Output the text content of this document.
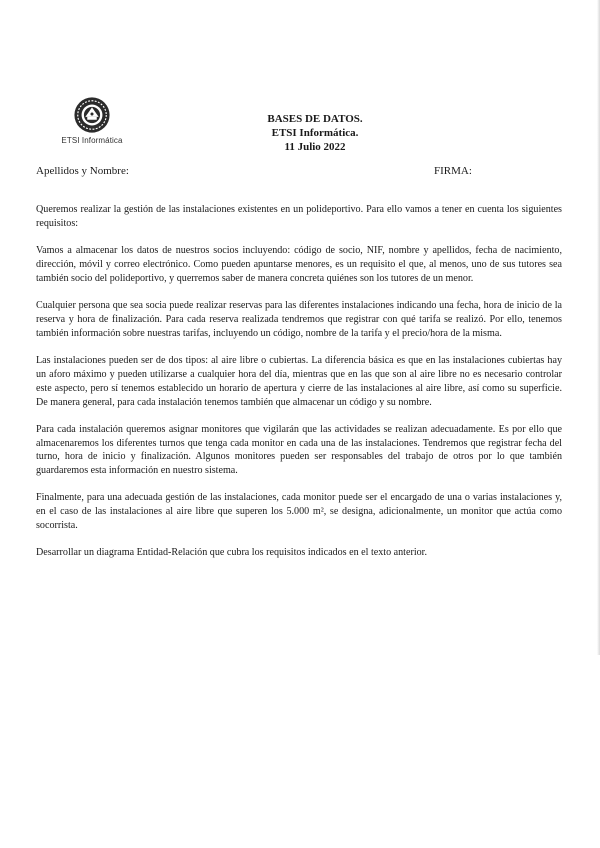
ETSI Informática
BASES DE DATOS.
ETSI Informática.
11 Julio 2022
Apellidos y Nombre:	FIRMA:

Queremos realizar la gestión de las instalaciones existentes en un polideportivo. Para ello vamos a tener en cuenta los siguientes requisitos:

Vamos a almacenar los datos de nuestros socios incluyendo: código de socio, NIF, nombre y apellidos, fecha de nacimiento, dirección, móvil y correo electrónico. Como pueden apuntarse menores, es un requisito el que, al menos, uno de sus tutores sea también socio del polideportivo, y querremos saber de manera concreta quiénes son los tutores de un menor.

Cualquier persona que sea socia puede realizar reservas para las diferentes instalaciones indicando una fecha, hora de inicio de la reserva y hora de finalización. Para cada reserva realizada tendremos que registrar con qué tarifa se realizó. Por ello, tenemos también información sobre nuestras tarifas, incluyendo un código, nombre de la tarifa y el precio/hora de la misma.

Las instalaciones pueden ser de dos tipos: al aire libre o cubiertas. La diferencia básica es que en las instalaciones cubiertas hay un aforo máximo y pueden utilizarse a cualquier hora del día, mientras que en las que son al aire libre no es necesario controlar este aspecto, pero sí tenemos establecido un horario de apertura y cierre de las instalaciones al aire libre, así como su superficie. De manera general, para cada instalación tenemos también que almacenar un código y su nombre.

Para cada instalación queremos asignar monitores que vigilarán que las actividades se realizan adecuadamente. Es por ello que almacenaremos los diferentes turnos que tenga cada monitor en cada una de las instalaciones. Tendremos que registrar fecha del turno, hora de inicio y finalización. Algunos monitores pueden ser responsables del trabajo de otros por lo que también guardaremos esta información en nuestro sistema.

Finalmente, para una adecuada gestión de las instalaciones, cada monitor puede ser el encargado de una o varias instalaciones y, en el caso de las instalaciones al aire libre que superen los 5.000 m², se designa, adicionalmente, un monitor que actúa como socorrista.

Desarrollar un diagrama Entidad-Relación que cubra los requisitos indicados en el texto anterior.
